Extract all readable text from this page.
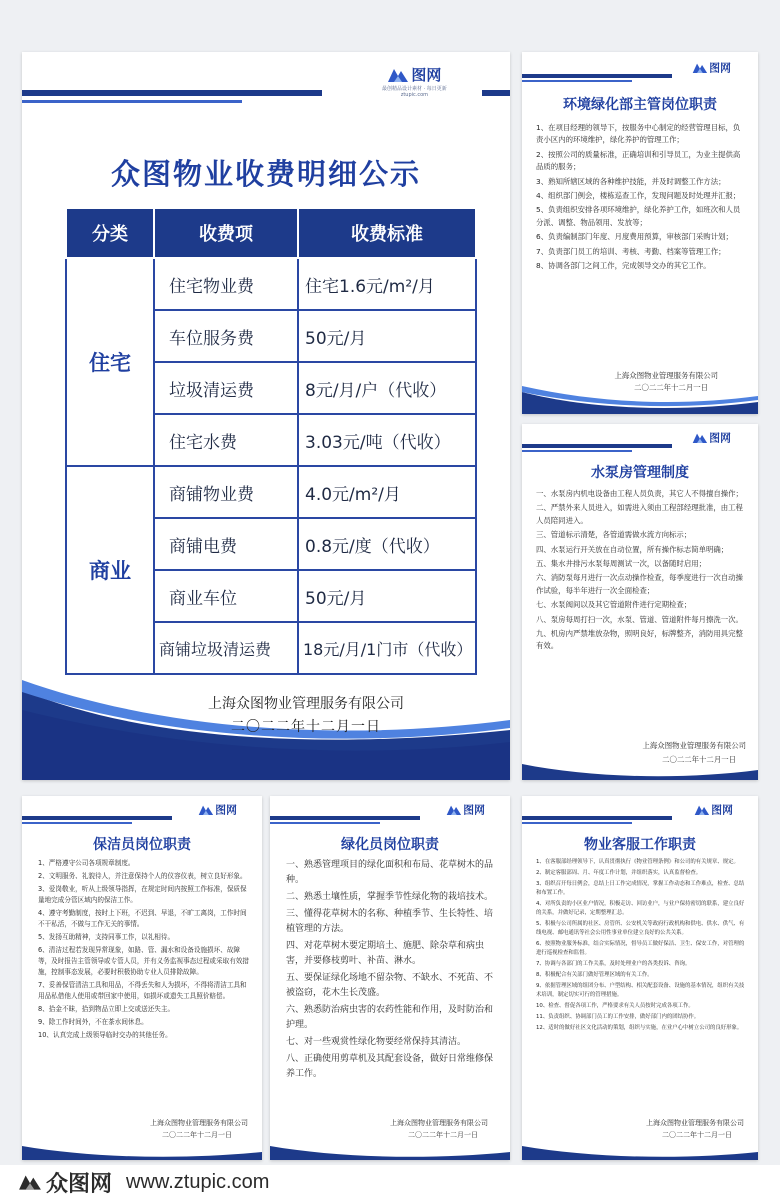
图网
最创精品设计素材 · 每日更新
ztupic.com
众图物业收费明细公示
分类	收费项	收费标准
住宅	住宅物业费	住宅1.6元/m²/月
	车位服务费	50元/月
	垃圾清运费	8元/月/户（代收）
	住宅水费	3.03元/吨（代收）
商业	商铺物业费	4.0元/m²/月
	商铺电费	0.8元/度（代收）
	商业车位	50元/月
	商铺垃圾清运费	18元/月/1门市（代收）
上海众图物业管理服务有限公司
二〇二二年十二月一日
图网
环境绿化部主管岗位职责
1、在项目经理的领导下，按服务中心制定的经营管理目标，负责小区内的环境维护，绿化养护的管理工作；
2、按照公司的质量标准，正确培训和引导员工，为业主提供高品质的服务；
3、熟知所辖区域的各种维护技能，并及时调整工作方法；
4、组织部门例会，楼栋巡查工作，发现问题及时处理并汇报；
5、负责组织安排各项环境维护，绿化养护工作，如班次和人员分派、调整、物品领用、发放等；
6、负责编制部门年度、月度费用预算，审核部门采购计划；
7、负责部门员工的培训、考核、考勤、档案等管理工作；
8、协调各部门之间工作，完成领导交办的其它工作。
上海众图物业管理服务有限公司
二〇二二年十二月一日
图网
水泵房管理制度
一、水泵房内机电设备由工程人员负责，其它人不得擅自操作；
二、严禁外来人员进入，如需进入须由工程部经理批准，由工程人员陪同进入。
三、管道标示清楚，各管道需做水流方向标示；
四、水泵运行开关放在自动位置，所有操作标志简单明确；
五、集水井排污水泵每周测试一次，以备随时启用；
六、消防泵每月进行一次点动操作检查，每季度进行一次自动操作试验，每半年进行一次全面检查；
七、水泵阀间以及其它管道附件进行定期检查；
八、泵房每周打扫一次，水泵、管道、管道附件每月擦洗一次。
九、机房内严禁堆放杂物，照明良好，标牌整齐，消防用具完整有效。
上海众图物业管理服务有限公司
二〇二二年十二月一日
图网
保洁员岗位职责
1、严格遵守公司各项规章制度。
2、文明服务、礼貌待人，并注意保持个人的仪容仪表，树立良好形象。
3、爱岗敬业，听从上级领导指挥，在规定时间内按照工作标准，保质保量地完成分管区域内的保洁工作。
4、遵守考勤制度，按时上下班，不迟到、早退，不旷工离岗，工作时间不干私活，不做与工作无关的事情。
5、发扬互助精神，支持同事工作，以礼相待。
6、清洁过程若发现异常现象，如路、管、漏水和设备设施损坏、故障等，及时报告主管领导或专管人员，并有义务监视事态过程或采取有效措施，控制事态发展，必要时积极协助专业人员排除故障。
7、妥善保管清洁工具和用品，不得丢失和人为损坏，不得将清洁工具和用品私借他人使用或带回家中使用，如损坏或遗失工具照价赔偿。
8、拾金不昧，拾到物品立即上交或送还失主。
9、除工作时间外，不在茶水间休息。
10、认真完成上级领导临时交办的其他任务。
上海众图物业管理服务有限公司
二〇二二年十二月一日
图网
绿化员岗位职责
一、熟悉管理项目的绿化面积和布局、花草树木的品种。
二、熟悉土壤性质，掌握季节性绿化物的栽培技术。
三、懂得花草树木的名称、种植季节、生长特性、培植管理的方法。
四、对花草树木要定期培土、施肥、除杂草和病虫害，并要修枝剪叶、补苗、淋水。
五、要保证绿化场地不留杂物、不缺水、不死苗、不被盗窃，花木生长茂盛。
六、熟悉防治病虫害的农药性能和作用，及时防治和护理。
七、对一些观赏性绿化物要经常保持其清洁。
八、正确使用剪草机及其配套设备，做好日常维修保养工作。
上海众图物业管理服务有限公司
二〇二二年十二月一日
图网
物业客服工作职责
1、在客服部经理领导下，认真贯彻执行《物业管理条例》和公司的有关规章、规定。
2、制定客服部周、月、年度工作计划，并组织落实，认真监督检查。
3、组织召开每日例会，总结上日工作完成情况，掌握工作动态和工作难点，检查、总结和布置工作。
4、对所负责的小区业户情况，积极走访、回访业户，与业户保持密切的联系，建立良好的关系，并做好记录，定期整理汇总。
5、积极与公司所属的社区、房管所、公安机关等政府行政机构和供电、供水、供气、有线电视、邮电通讯等社会公用性事业单位建立良好的公共关系。
6、按照物业服务标准，结合实际情况，督导员工做好保洁、卫生、保安工作，对管理的进行巡视检查和监督。
7、协调与各部门的工作关系，及时处理业户的各类投诉、咨询。
8、积极配合有关部门做好管理区域的有关工作。
9、依据管理区域的组团分布、户型结构、相关配套设备、设施的基本情况，组织有关技术培训，制定切实可行的管理措施。
10、检查、督促各项工作，严格要求有关人员按时完成各项工作。
11、负责组织、协调部门员工的工作安排，做好部门内的团结协作。
12、适时的做好社区文化活动的策划，组织与实施，在业户心中树立公司的良好形象。
上海众图物业管理服务有限公司
二〇二二年十二月一日
众图网 www.ztupic.com
